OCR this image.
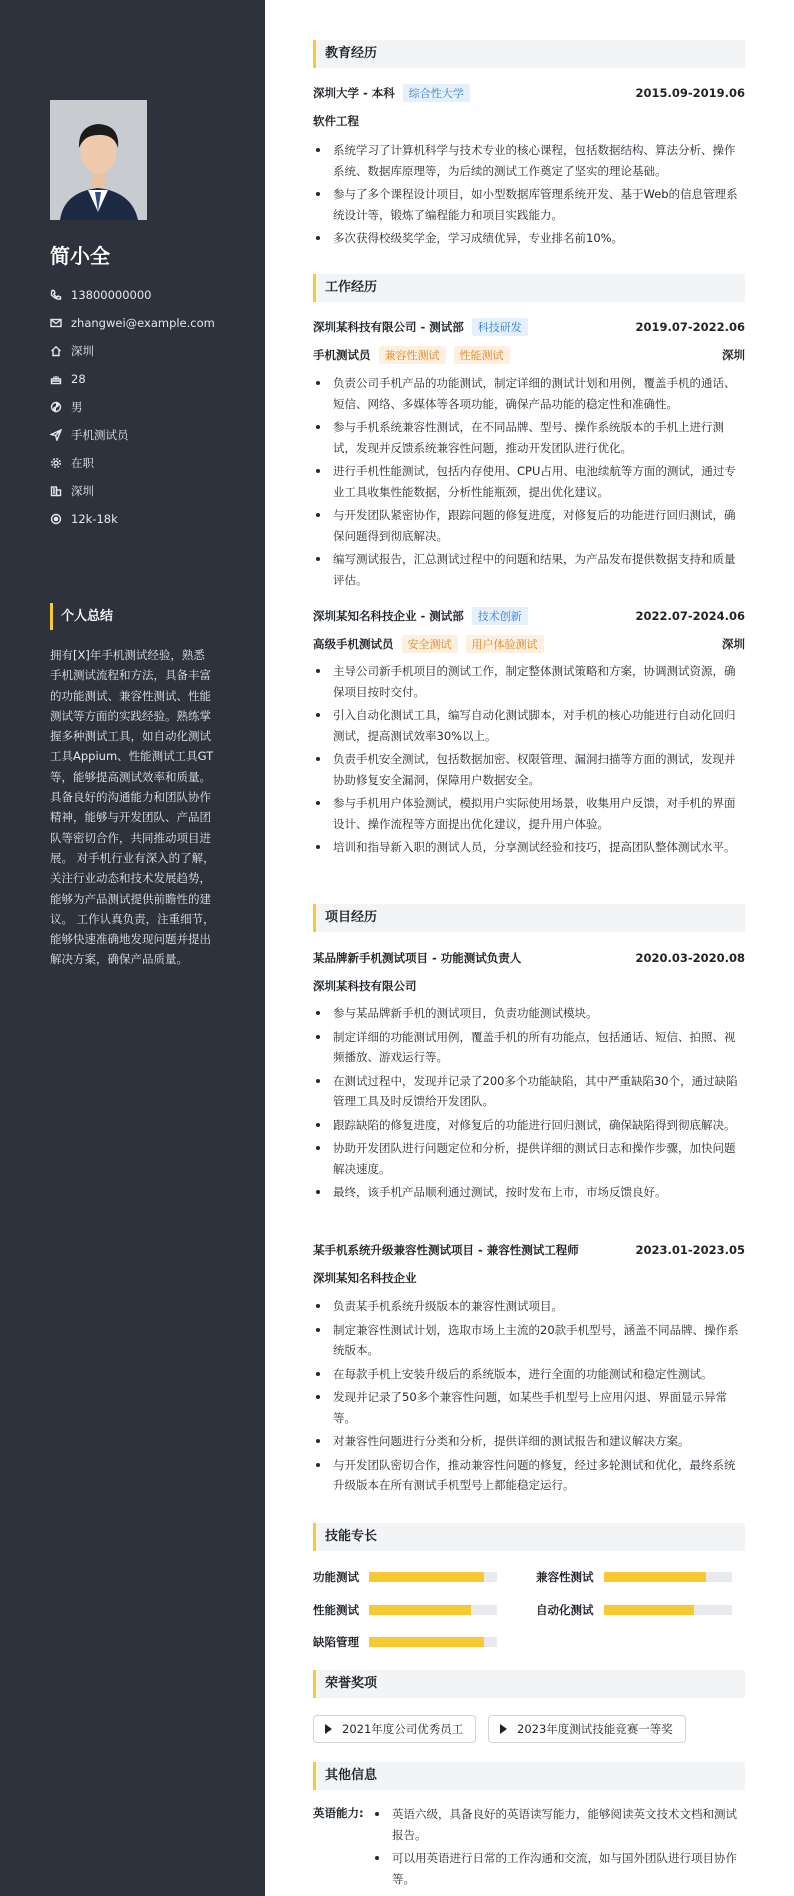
简小全
13800000000
zhangwei@example.com
深圳
28
男
手机测试员
在职
深圳
12k-18k
个人总结
拥有[X]年手机测试经验，熟悉手机测试流程和方法，具备丰富的功能测试、兼容性测试、性能测试等方面的实践经验。熟练掌握多种测试工具，如自动化测试工具Appium、性能测试工具GT等，能够提高测试效率和质量。 具备良好的沟通能力和团队协作精神，能够与开发团队、产品团队等密切合作，共同推动项目进展。 对手机行业有深入的了解，关注行业动态和技术发展趋势，能够为产品测试提供前瞻性的建议。 工作认真负责，注重细节，能够快速准确地发现问题并提出解决方案，确保产品质量。
教育经历
深圳大学 - 本科	综合性大学	2015.09-2019.06
软件工程
系统学习了计算机科学与技术专业的核心课程，包括数据结构、算法分析、操作系统、数据库原理等，为后续的测试工作奠定了坚实的理论基础。
参与了多个课程设计项目，如小型数据库管理系统开发、基于Web的信息管理系统设计等，锻炼了编程能力和项目实践能力。
多次获得校级奖学金，学习成绩优异，专业排名前10%。
工作经历
深圳某科技有限公司 - 测试部	科技研发	2019.07-2022.06
手机测试员	兼容性测试	性能测试	深圳
负责公司手机产品的功能测试，制定详细的测试计划和用例，覆盖手机的通话、短信、网络、多媒体等各项功能，确保产品功能的稳定性和准确性。
参与手机系统兼容性测试，在不同品牌、型号、操作系统版本的手机上进行测试，发现并反馈系统兼容性问题，推动开发团队进行优化。
进行手机性能测试，包括内存使用、CPU占用、电池续航等方面的测试，通过专业工具收集性能数据，分析性能瓶颈，提出优化建议。
与开发团队紧密协作，跟踪问题的修复进度，对修复后的功能进行回归测试，确保问题得到彻底解决。
编写测试报告，汇总测试过程中的问题和结果，为产品发布提供数据支持和质量评估。
深圳某知名科技企业 - 测试部	技术创新	2022.07-2024.06
高级手机测试员	安全测试	用户体验测试	深圳
主导公司新手机项目的测试工作，制定整体测试策略和方案，协调测试资源，确保项目按时交付。
引入自动化测试工具，编写自动化测试脚本，对手机的核心功能进行自动化回归测试，提高测试效率30%以上。
负责手机安全测试，包括数据加密、权限管理、漏洞扫描等方面的测试，发现并协助修复安全漏洞，保障用户数据安全。
参与手机用户体验测试，模拟用户实际使用场景，收集用户反馈，对手机的界面设计、操作流程等方面提出优化建议，提升用户体验。
培训和指导新入职的测试人员，分享测试经验和技巧，提高团队整体测试水平。
项目经历
某品牌新手机测试项目 - 功能测试负责人	2020.03-2020.08
深圳某科技有限公司
参与某品牌新手机的测试项目，负责功能测试模块。
制定详细的功能测试用例，覆盖手机的所有功能点，包括通话、短信、拍照、视频播放、游戏运行等。
在测试过程中，发现并记录了200多个功能缺陷，其中严重缺陷30个，通过缺陷管理工具及时反馈给开发团队。
跟踪缺陷的修复进度，对修复后的功能进行回归测试，确保缺陷得到彻底解决。
协助开发团队进行问题定位和分析，提供详细的测试日志和操作步骤，加快问题解决速度。
最终，该手机产品顺利通过测试，按时发布上市，市场反馈良好。
某手机系统升级兼容性测试项目 - 兼容性测试工程师	2023.01-2023.05
深圳某知名科技企业
负责某手机系统升级版本的兼容性测试项目。
制定兼容性测试计划，选取市场上主流的20款手机型号，涵盖不同品牌、操作系统版本。
在每款手机上安装升级后的系统版本，进行全面的功能测试和稳定性测试。
发现并记录了50多个兼容性问题，如某些手机型号上应用闪退、界面显示异常等。
对兼容性问题进行分类和分析，提供详细的测试报告和建议解决方案。
与开发团队密切合作，推动兼容性问题的修复，经过多轮测试和优化，最终系统升级版本在所有测试手机型号上都能稳定运行。
技能专长
功能测试	兼容性测试
性能测试	自动化测试
缺陷管理
荣誉奖项
2021年度公司优秀员工	2023年度测试技能竞赛一等奖
其他信息
英语能力:	英语六级，具备良好的英语读写能力，能够阅读英文技术文档和测试报告。
可以用英语进行日常的工作沟通和交流，如与国外团队进行项目协作等。
